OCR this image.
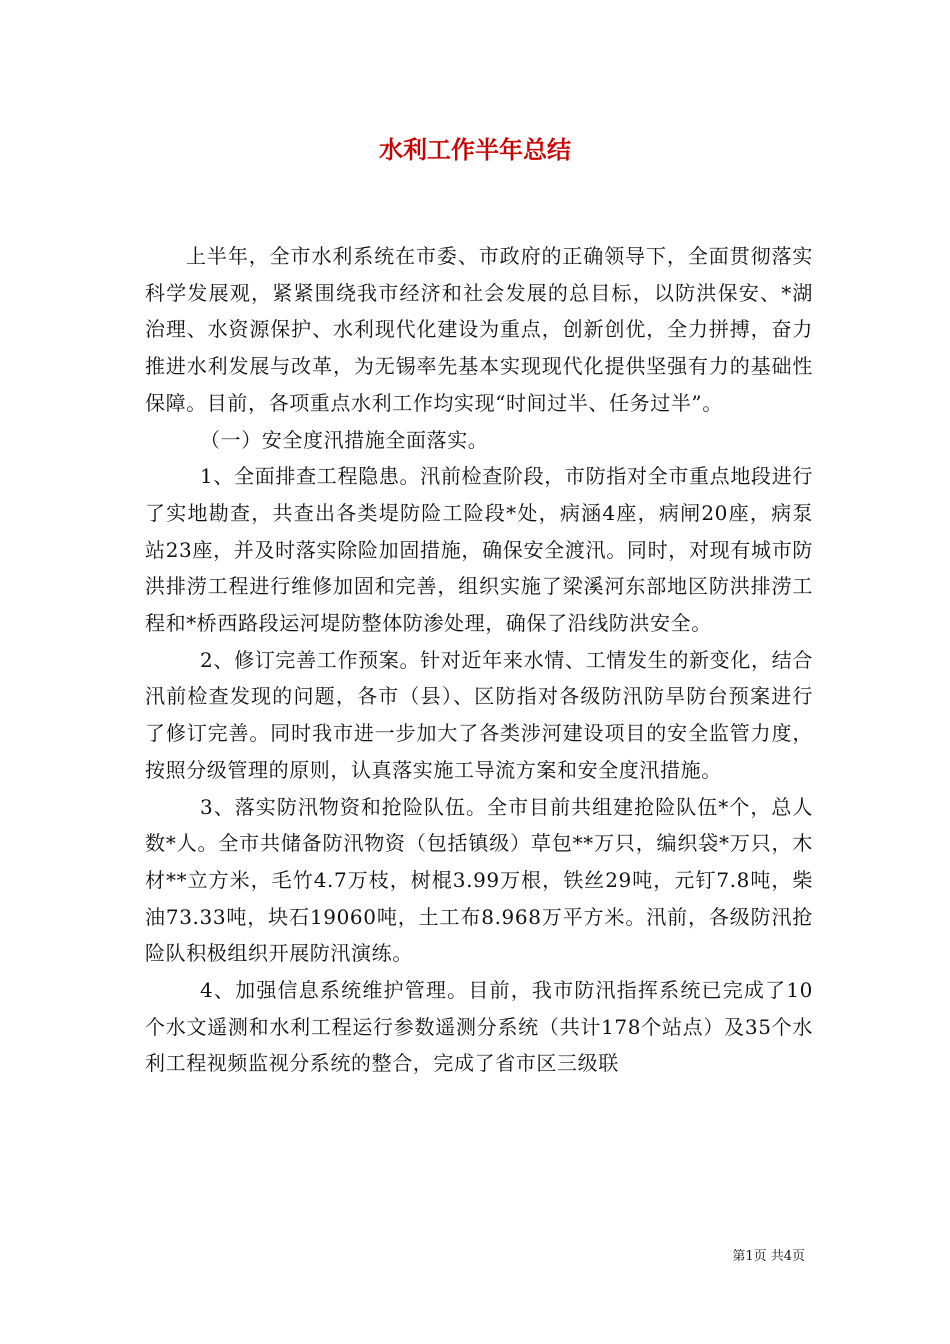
水利工作半年总结

上半年，全市水利系统在市委、市政府的正确领导下，全面贯彻落实科学发展观，紧紧围绕我市经济和社会发展的总目标，以防洪保安、*湖治理、水资源保护、水利现代化建设为重点，创新创优，全力拼搏，奋力推进水利发展与改革，为无锡率先基本实现现代化提供坚强有力的基础性保障。目前，各项重点水利工作均实现“时间过半、任务过半”。

（一）安全度汛措施全面落实。

1、全面排查工程隐患。汛前检查阶段，市防指对全市重点地段进行了实地勘查，共查出各类堤防险工险段*处，病涵4座，病闸20座，病泵站23座，并及时落实除险加固措施，确保安全渡汛。同时，对现有城市防洪排涝工程进行维修加固和完善，组织实施了梁溪河东部地区防洪排涝工程和*桥西路段运河堤防整体防渗处理，确保了沿线防洪安全。

2、修订完善工作预案。针对近年来水情、工情发生的新变化，结合汛前检查发现的问题，各市（县）、区防指对各级防汛防旱防台预案进行了修订完善。同时我市进一步加大了各类涉河建设项目的安全监管力度，按照分级管理的原则，认真落实施工导流方案和安全度汛措施。

3、落实防汛物资和抢险队伍。全市目前共组建抢险队伍*个，总人数*人。全市共储备防汛物资（包括镇级）草包**万只，编织袋*万只，木材**立方米，毛竹4.7万枝，树棍3.99万根，铁丝29吨，元钉7.8吨，柴油73.33吨，块石19060吨，土工布8.968万平方米。汛前，各级防汛抢险队积极组织开展防汛演练。

4、加强信息系统维护管理。目前，我市防汛指挥系统已完成了10个水文遥测和水利工程运行参数遥测分系统（共计178个站点）及35个水利工程视频监视分系统的整合，完成了省市区三级联

第1页 共4页
